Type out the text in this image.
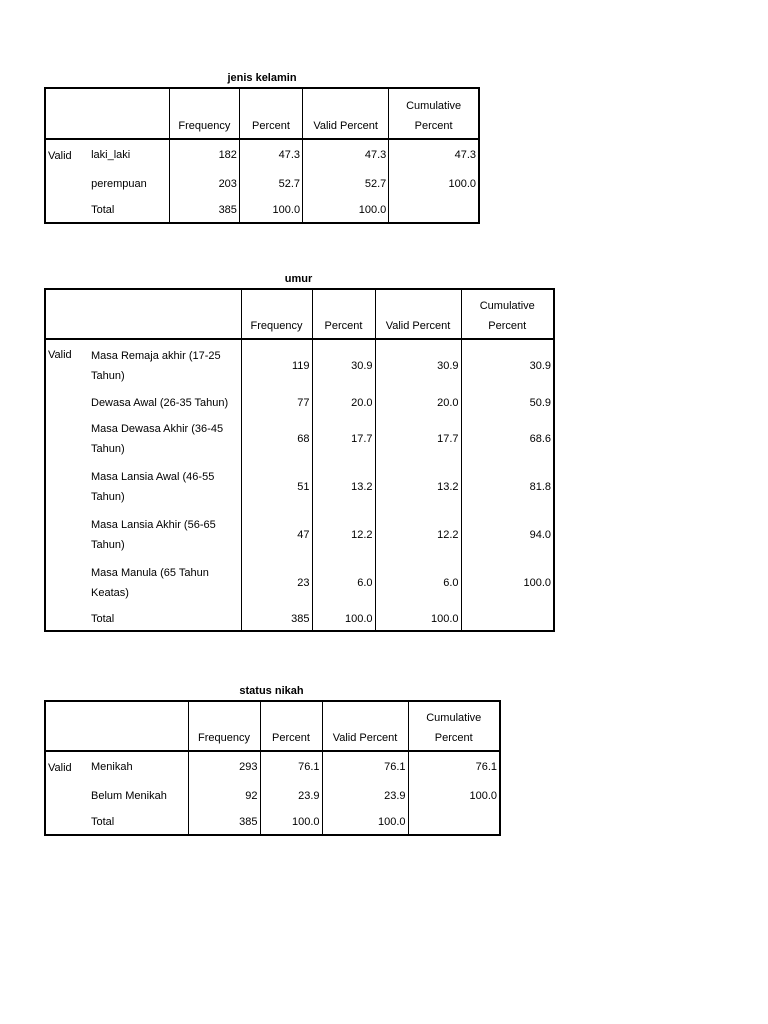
jenis kelamin
		Frequency	Percent	Valid Percent	Cumulative Percent
Valid	laki_laki	182	47.3	47.3	47.3
	perempuan	203	52.7	52.7	100.0
	Total	385	100.0	100.0	
umur
		Frequency	Percent	Valid Percent	Cumulative Percent
Valid	Masa Remaja akhir (17-25 Tahun)	119	30.9	30.9	30.9
	Dewasa Awal (26-35 Tahun)	77	20.0	20.0	50.9
	Masa Dewasa Akhir (36-45 Tahun)	68	17.7	17.7	68.6
	Masa Lansia Awal (46-55 Tahun)	51	13.2	13.2	81.8
	Masa Lansia Akhir (56-65 Tahun)	47	12.2	12.2	94.0
	Masa Manula (65 Tahun Keatas)	23	6.0	6.0	100.0
	Total	385	100.0	100.0	
status nikah
		Frequency	Percent	Valid Percent	Cumulative Percent
Valid	Menikah	293	76.1	76.1	76.1
	Belum Menikah	92	23.9	23.9	100.0
	Total	385	100.0	100.0	
